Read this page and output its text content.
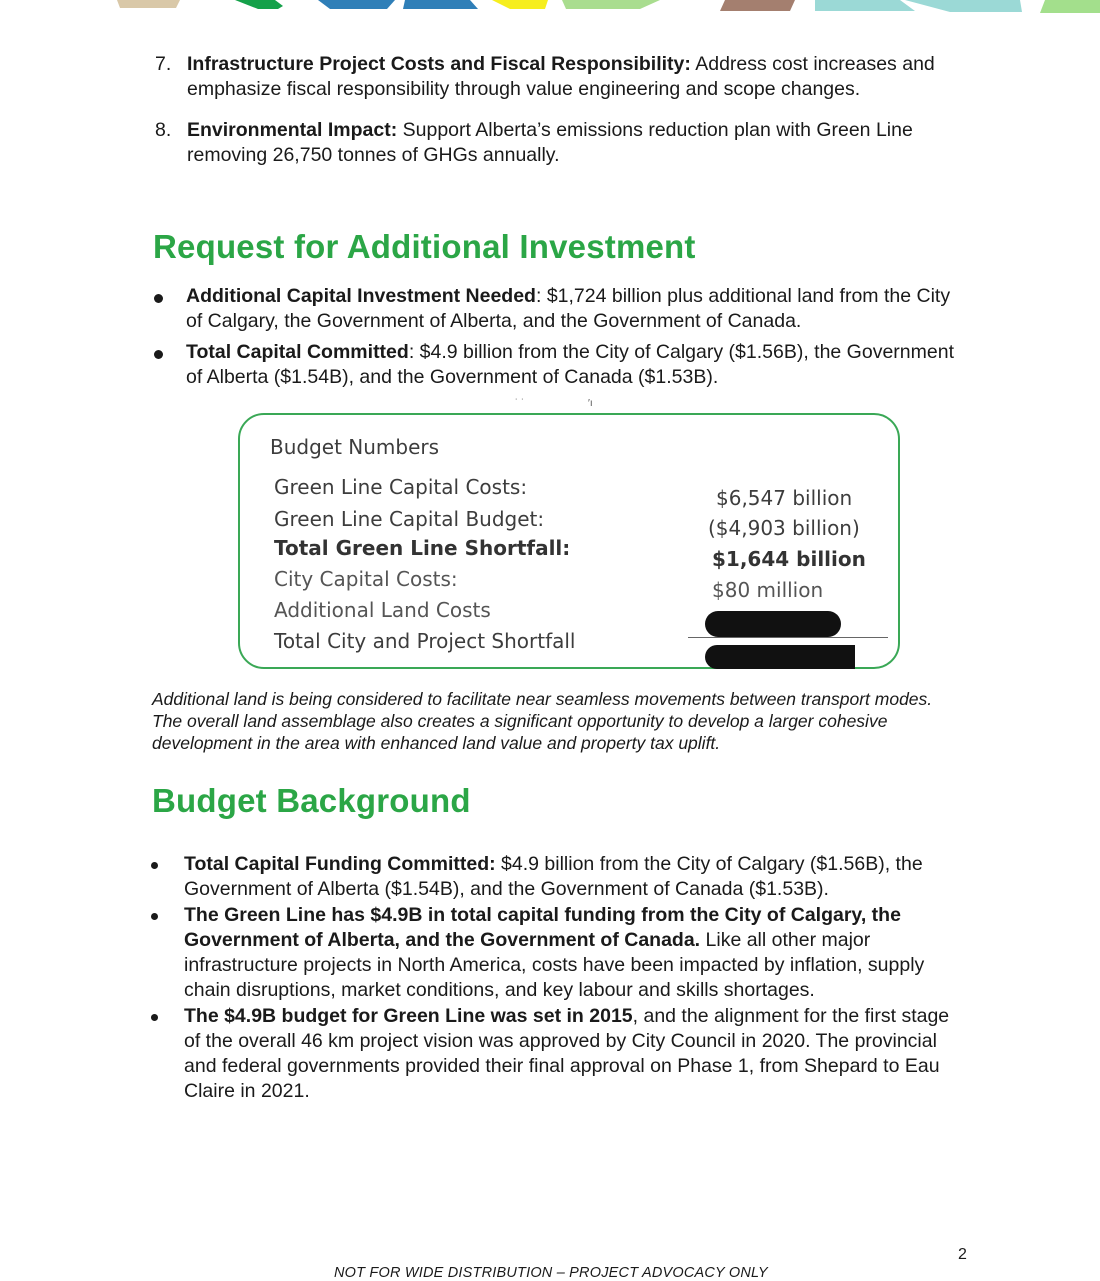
7. Infrastructure Project Costs and Fiscal Responsibility: Address cost increases and emphasize fiscal responsibility through value engineering and scope changes.
8. Environmental Impact: Support Alberta’s emissions reduction plan with Green Line removing 26,750 tonnes of GHGs annually.
Request for Additional Investment
Additional Capital Investment Needed: $1,724 billion plus additional land from the City of Calgary, the Government of Alberta, and the Government of Canada.
Total Capital Committed: $4.9 billion from the City of Calgary ($1.56B), the Government of Alberta ($1.54B), and the Government of Canada ($1.53B).
˙ ˙	′ı
Budget Numbers
Green Line Capital Costs:
Green Line Capital Budget:
Total Green Line Shortfall:
City Capital Costs:
Additional Land Costs
Total City and Project Shortfall
$6,547 billion
($4,903 billion)
$1,644 billion
$80 million
Additional land is being considered to facilitate near seamless movements between transport modes. The overall land assemblage also creates a significant opportunity to develop a larger cohesive development in the area with enhanced land value and property tax uplift.
Budget Background
Total Capital Funding Committed: $4.9 billion from the City of Calgary ($1.56B), the Government of Alberta ($1.54B), and the Government of Canada ($1.53B).
The Green Line has $4.9B in total capital funding from the City of Calgary, the Government of Alberta, and the Government of Canada. Like all other major infrastructure projects in North America, costs have been impacted by inflation, supply chain disruptions, market conditions, and key labour and skills shortages.
The $4.9B budget for Green Line was set in 2015, and the alignment for the first stage of the overall 46 km project vision was approved by City Council in 2020. The provincial and federal governments provided their final approval on Phase 1, from Shepard to Eau Claire in 2021.
2
NOT FOR WIDE DISTRIBUTION – PROJECT ADVOCACY ONLY
